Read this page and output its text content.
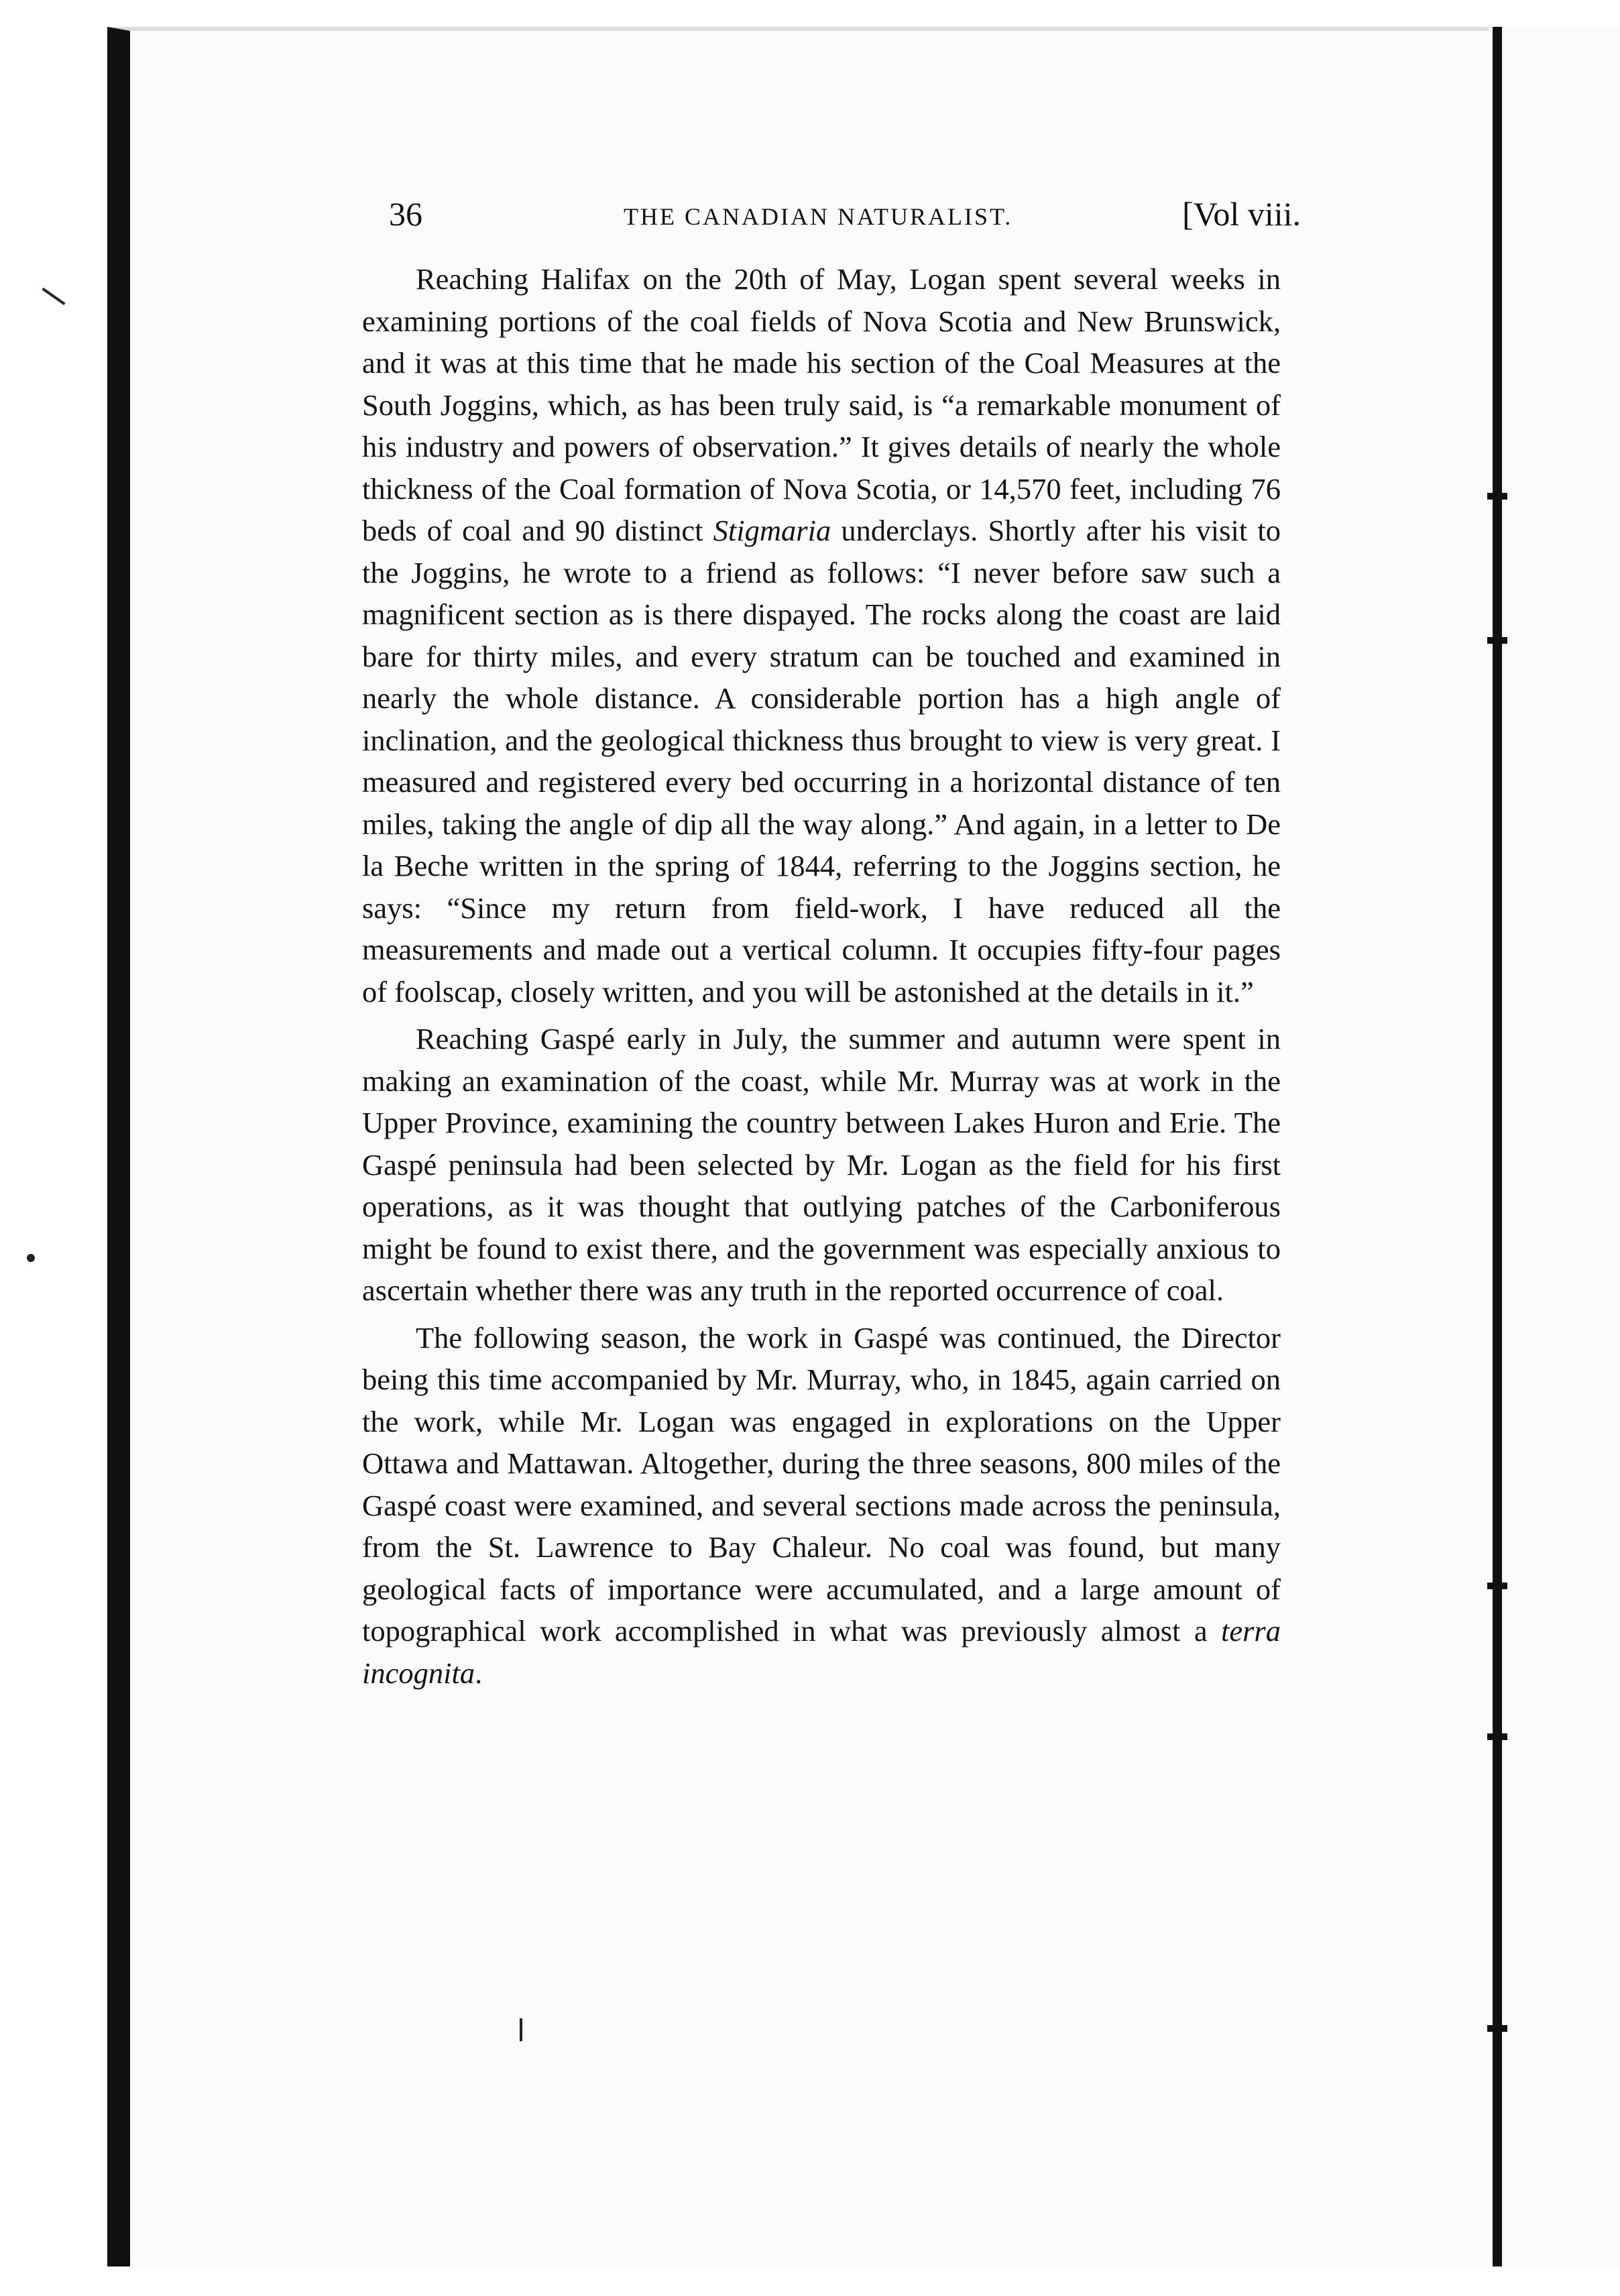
36	THE CANADIAN NATURALIST.	[Vol viii.

Reaching Halifax on the 20th of May, Logan spent several weeks in examining portions of the coal fields of Nova Scotia and New Brunswick, and it was at this time that he made his section of the Coal Measures at the South Joggins, which, as has been truly said, is “a remarkable monument of his industry and powers of observation.” It gives details of nearly the whole thickness of the Coal formation of Nova Scotia, or 14,570 feet, including 76 beds of coal and 90 distinct Stigmaria underclays. Shortly after his visit to the Joggins, he wrote to a friend as follows: “I never before saw such a magnificent section as is there dispayed. The rocks along the coast are laid bare for thirty miles, and every stratum can be touched and examined in nearly the whole distance. A considerable portion has a high angle of inclination, and the geological thickness thus brought to view is very great. I measured and registered every bed occurring in a horizontal distance of ten miles, taking the angle of dip all the way along.” And again, in a letter to De la Beche written in the spring of 1844, referring to the Joggins section, he says: “Since my return from field-work, I have reduced all the measurements and made out a vertical column. It occupies fifty-four pages of foolscap, closely written, and you will be astonished at the details in it.”

Reaching Gaspé early in July, the summer and autumn were spent in making an examination of the coast, while Mr. Murray was at work in the Upper Province, examining the country between Lakes Huron and Erie. The Gaspé peninsula had been selected by Mr. Logan as the field for his first operations, as it was thought that outlying patches of the Carboniferous might be found to exist there, and the government was especially anxious to ascertain whether there was any truth in the reported occurrence of coal.

The following season, the work in Gaspé was continued, the Director being this time accompanied by Mr. Murray, who, in 1845, again carried on the work, while Mr. Logan was engaged in explorations on the Upper Ottawa and Mattawan. Altogether, during the three seasons, 800 miles of the Gaspé coast were examined, and several sections made across the peninsula, from the St. Lawrence to Bay Chaleur. No coal was found, but many geological facts of importance were accumulated, and a large amount of topographical work accomplished in what was previously almost a terra incognita.
